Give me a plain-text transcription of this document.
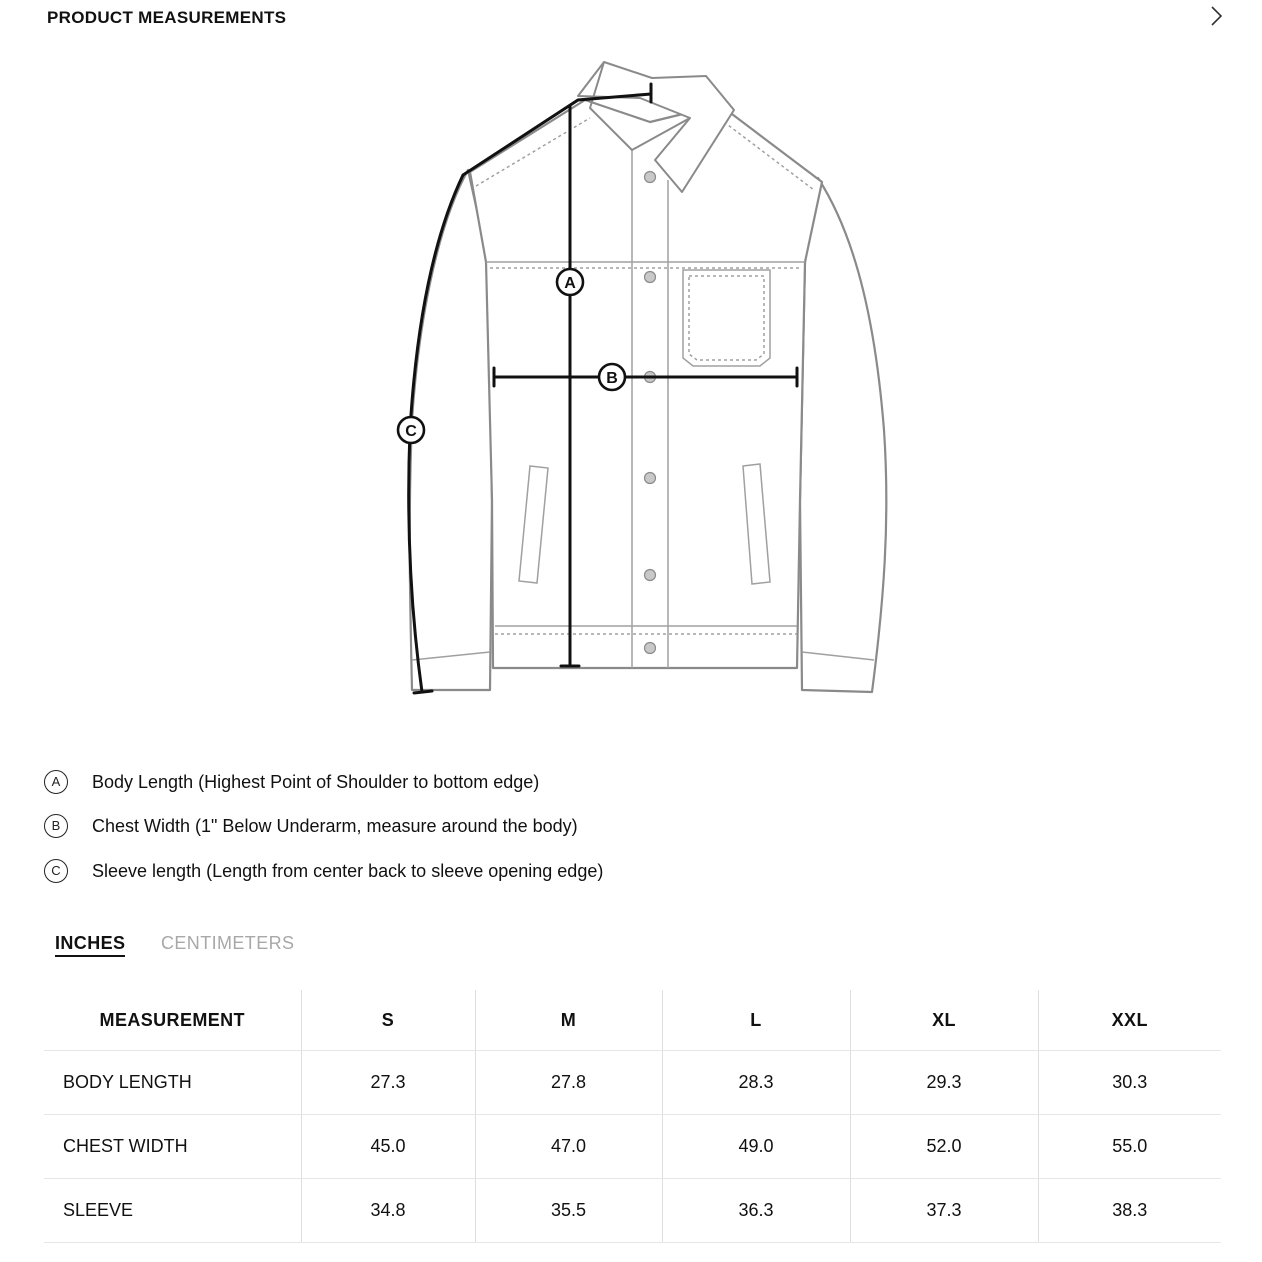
PRODUCT MEASUREMENTS
A
B
C
A	Body Length (Highest Point of Shoulder to bottom edge)
B	Chest Width (1" Below Underarm, measure around the body)
C	Sleeve length (Length from center back to sleeve opening edge)
INCHES CENTIMETERS
MEASUREMENT	S	M	L	XL	XXL
BODY LENGTH	27.3	27.8	28.3	29.3	30.3
CHEST WIDTH	45.0	47.0	49.0	52.0	55.0
SLEEVE	34.8	35.5	36.3	37.3	38.3
